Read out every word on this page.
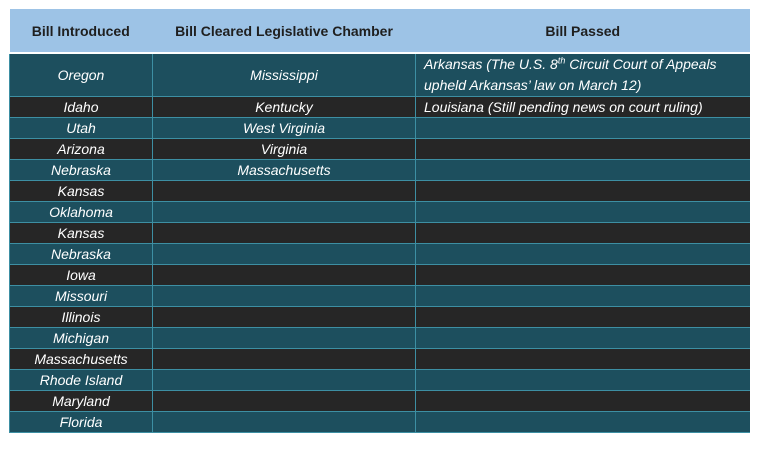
Bill Introduced	Bill Cleared Legislative Chamber	Bill Passed
Oregon	Mississippi	Arkansas (The U.S. 8th Circuit Court of Appeals upheld Arkansas’ law on March 12)
Idaho	Kentucky	Louisiana (Still pending news on court ruling)
Utah	West Virginia	
Arizona	Virginia	
Nebraska	Massachusetts	
Kansas		
Oklahoma		
Kansas		
Nebraska		
Iowa		
Missouri		
Illinois		
Michigan		
Massachusetts		
Rhode Island		
Maryland		
Florida		
